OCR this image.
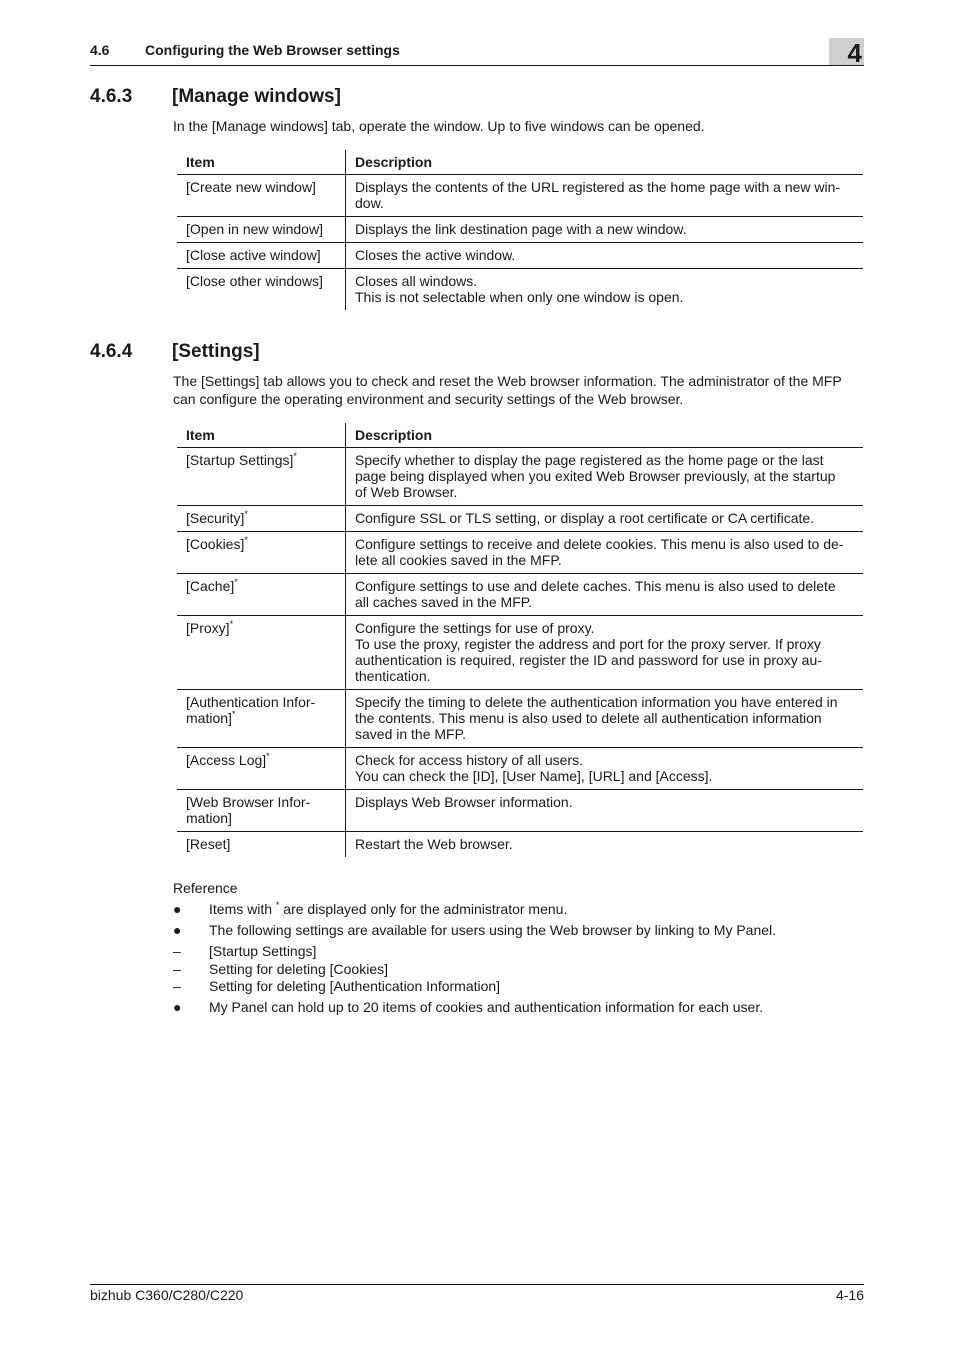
4.6	Configuring the Web Browser settings	4
4.6.3 [Manage windows]

In the [Manage windows] tab, operate the window. Up to five windows can be opened.

Item	Description
[Create new window]	Displays the contents of the URL registered as the home page with a new win-
dow.
[Open in new window]	Displays the link destination page with a new window.
[Close active window]	Closes the active window.
[Close other windows]	Closes all windows.
This is not selectable when only one window is open.
4.6.4 [Settings]

The [Settings] tab allows you to check and reset the Web browser information. The administrator of the MFP
can configure the operating environment and security settings of the Web browser.

Item	Description
[Startup Settings]*	Specify whether to display the page registered as the home page or the last
page being displayed when you exited Web Browser previously, at the startup
of Web Browser.
[Security]*	Configure SSL or TLS setting, or display a root certificate or CA certificate.
[Cookies]*	Configure settings to receive and delete cookies. This menu is also used to de-
lete all cookies saved in the MFP.
[Cache]*	Configure settings to use and delete caches. This menu is also used to delete
all caches saved in the MFP.
[Proxy]*	Configure the settings for use of proxy.
To use the proxy, register the address and port for the proxy server. If proxy
authentication is required, register the ID and password for use in proxy au-
thentication.
[Authentication Infor-
mation]*	Specify the timing to delete the authentication information you have entered in
the contents. This menu is also used to delete all authentication information
saved in the MFP.
[Access Log]*	Check for access history of all users.
You can check the [ID], [User Name], [URL] and [Access].
[Web Browser Infor-
mation]	Displays Web Browser information.
[Reset]	Restart the Web browser.
Reference
●	Items with * are displayed only for the administrator menu.
●	The following settings are available for users using the Web browser by linking to My Panel.
–	[Startup Settings]
–	Setting for deleting [Cookies]
–	Setting for deleting [Authentication Information]
●	My Panel can hold up to 20 items of cookies and authentication information for each user.
bizhub C360/C280/C220	4-16
